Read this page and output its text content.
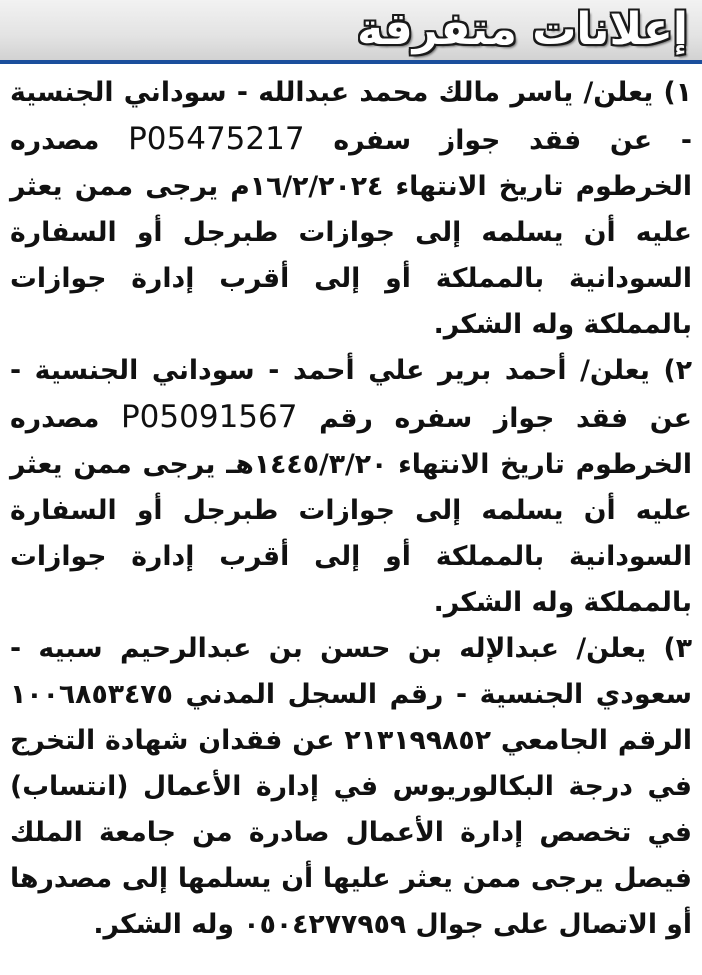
إعلانات متفرقة

١) يعلن/ ياسر مالك محمد عبدالله - سوداني الجنسية - عن فقد جواز سفره P05475217 مصدره الخرطوم تاريخ الانتهاء ١٦/٢/٢٠٢٤م يرجى ممن يعثر عليه أن يسلمه إلى جوازات طبرجل أو السفارة السودانية بالمملكة أو إلى أقرب إدارة جوازات بالمملكة وله الشكر.

٢) يعلن/ أحمد برير علي أحمد - سوداني الجنسية - عن فقد جواز سفره رقم P05091567 مصدره الخرطوم تاريخ الانتهاء ١٤٤٥/٣/٢٠هـ يرجى ممن يعثر عليه أن يسلمه إلى جوازات طبرجل أو السفارة السودانية بالمملكة أو إلى أقرب إدارة جوازات بالمملكة وله الشكر.

٣) يعلن/ عبدالإله بن حسن بن عبدالرحيم سبيه - سعودي الجنسية - رقم السجل المدني ١٠٠٦٨٥٣٤٧٥ الرقم الجامعي ٢١٣١٩٩٨٥٢ عن فقدان شهادة التخرج في درجة البكالوريوس في إدارة الأعمال (انتساب) في تخصص إدارة الأعمال صادرة من جامعة الملك فيصل يرجى ممن يعثر عليها أن يسلمها إلى مصدرها أو الاتصال على جوال ٠٥٠٤٢٧٧٩٥٩ وله الشكر.
